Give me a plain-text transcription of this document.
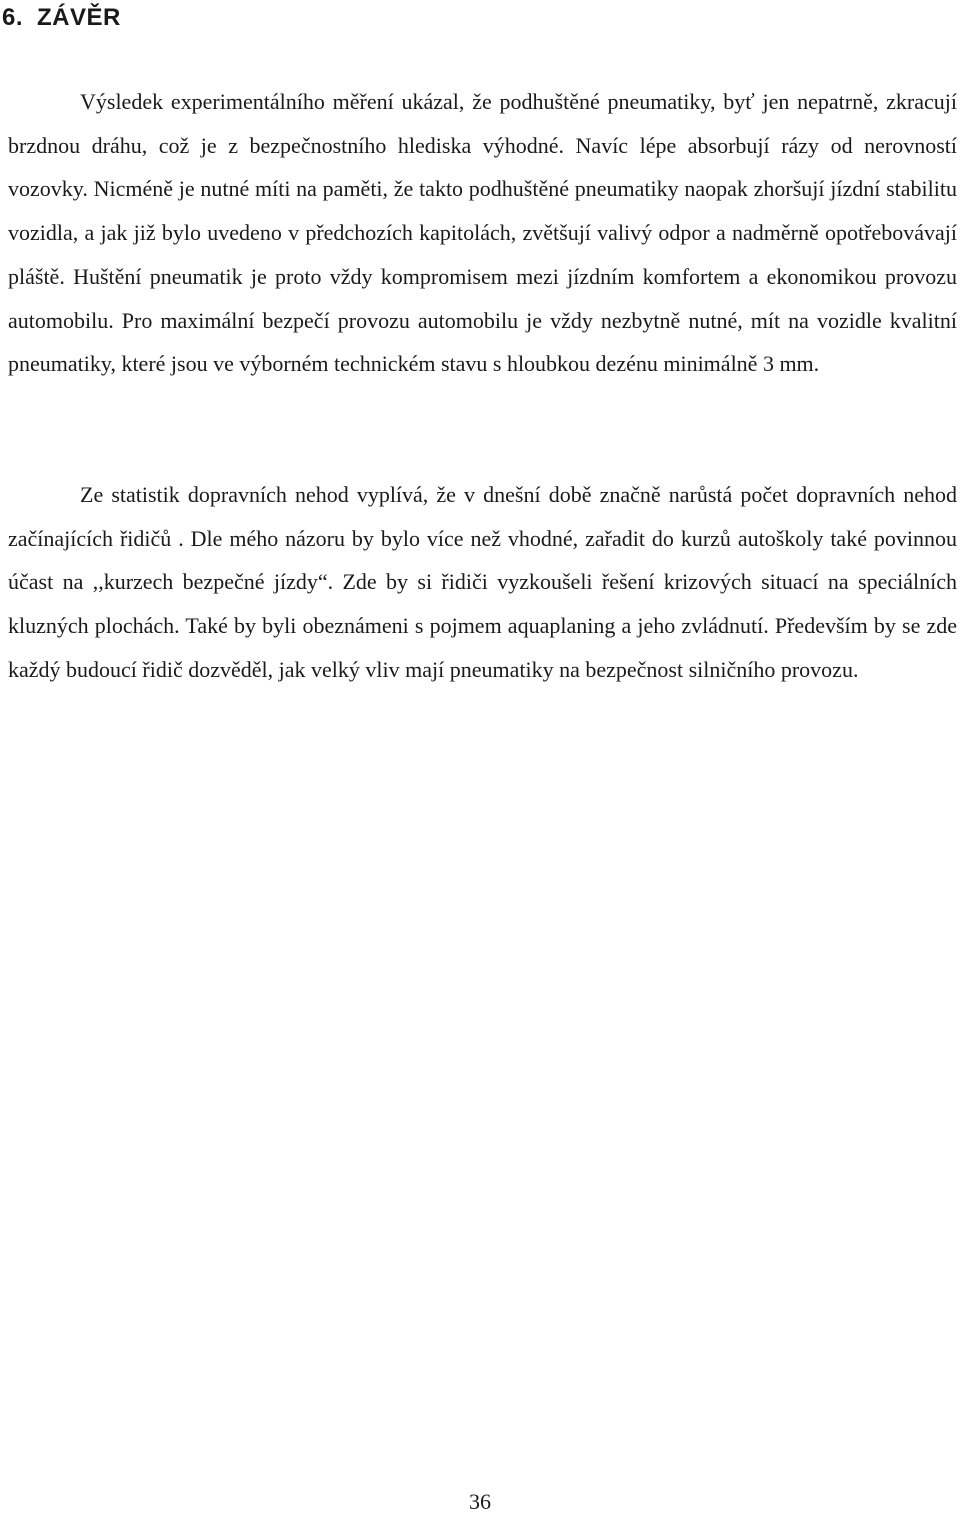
6. ZÁVĚR

Výsledek experimentálního měření ukázal, že podhuštěné pneumatiky, byť jen nepatrně, zkracují brzdnou dráhu, což je z bezpečnostního hlediska výhodné. Navíc lépe absorbují rázy od nerovností vozovky. Nicméně je nutné míti na paměti, že takto podhuštěné pneumatiky naopak zhoršují jízdní stabilitu vozidla, a jak již bylo uvedeno v předchozích kapitolách, zvětšují valivý odpor a nadměrně opotřebovávají pláště. Huštění pneumatik je proto vždy kompromisem mezi jízdním komfortem a ekonomikou provozu automobilu. Pro maximální bezpečí provozu automobilu je vždy nezbytně nutné, mít na vozidle kvalitní pneumatiky, které jsou ve výborném technickém stavu s hloubkou dezénu minimálně 3 mm.

Ze statistik dopravních nehod vyplívá, že v dnešní době značně narůstá počet dopravních nehod začínajících řidičů . Dle mého názoru by bylo více než vhodné, zařadit do kurzů autoškoly také povinnou účast na ,,kurzech bezpečné jízdy“. Zde by si řidiči vyzkoušeli řešení krizových situací na speciálních kluzných plochách. Také by byli obeznámeni s pojmem aquaplaning a jeho zvládnutí. Především by se zde každý budoucí řidič dozvěděl, jak velký vliv mají pneumatiky na bezpečnost silničního provozu.

36
